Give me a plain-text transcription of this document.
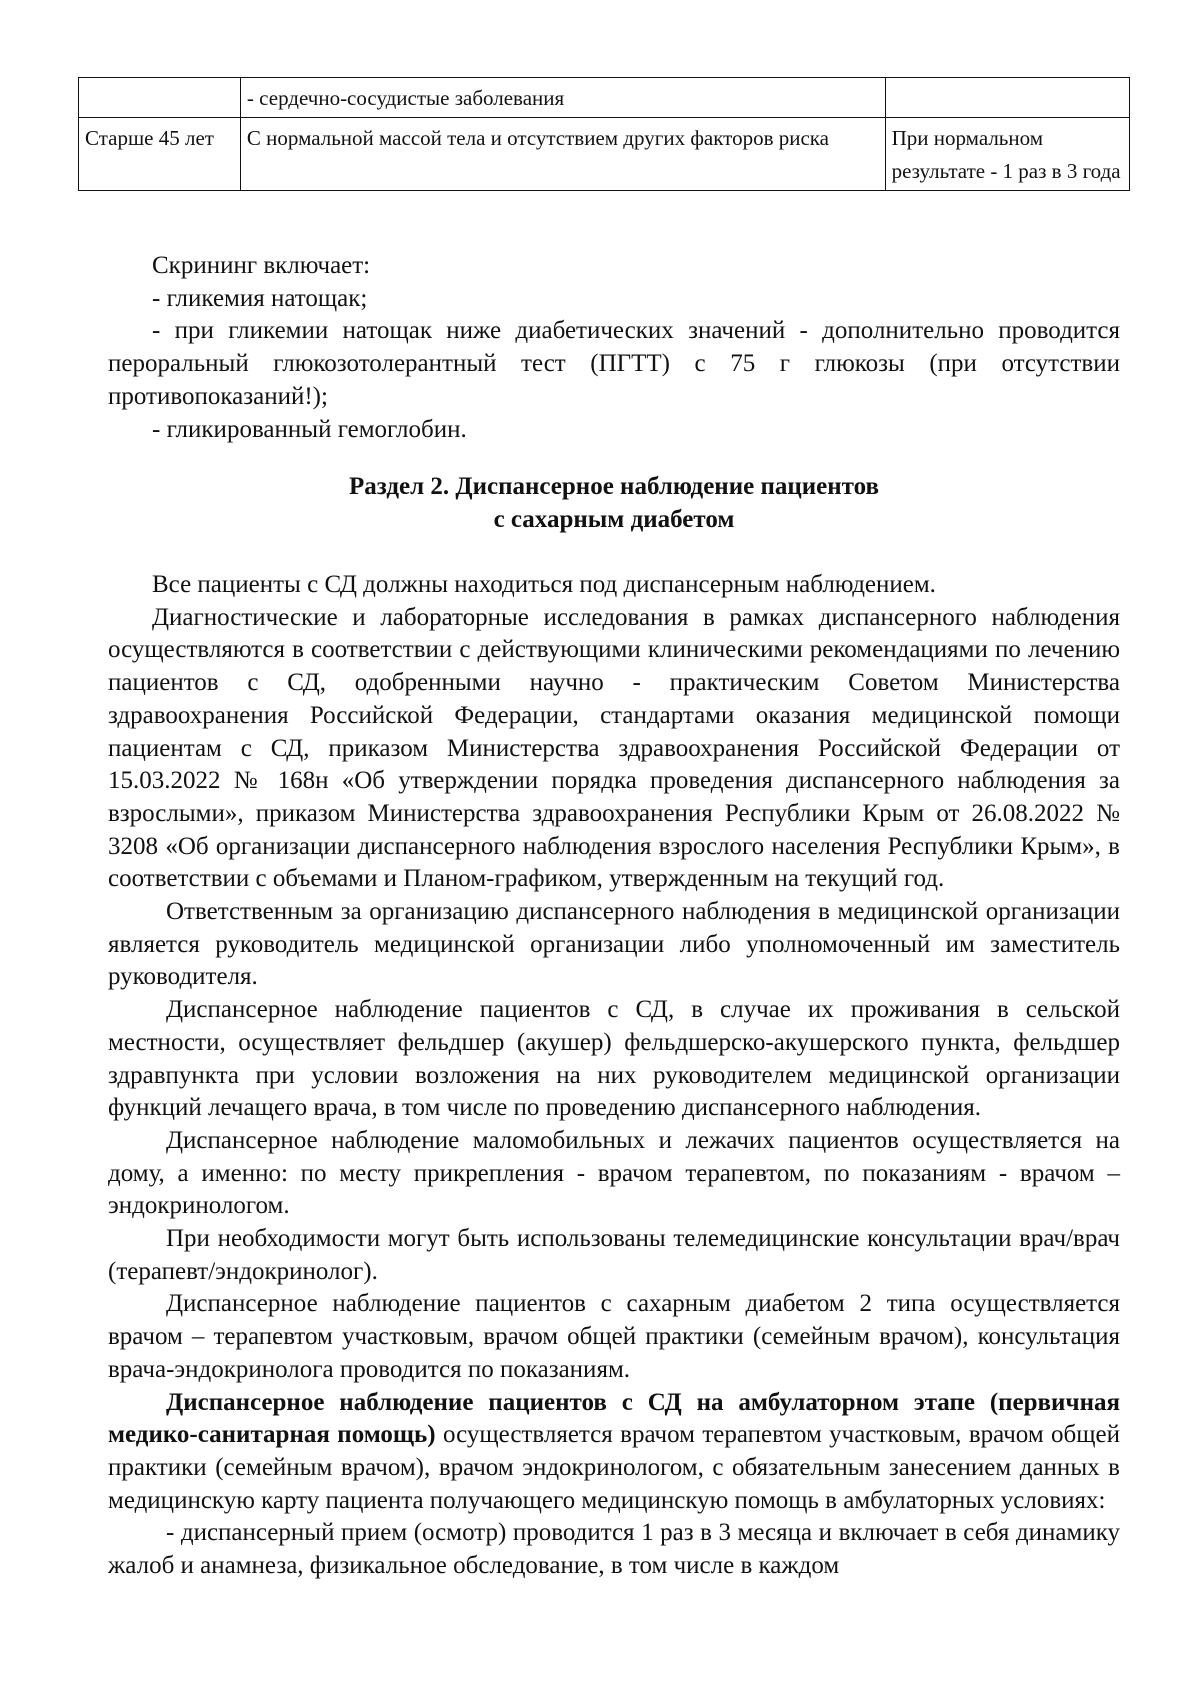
	- сердечно-сосудистые заболевания	
Старше 45 лет	С нормальной массой тела и отсутствием других факторов риска	При нормальном результате - 1 раз в 3 года

Скрининг включает:

- гликемия натощак;

- при гликемии натощак ниже диабетических значений - дополнительно проводится пероральный глюкозотолерантный тест (ПГТТ) с 75 г глюкозы (при отсутствии противопоказаний!);

- гликированный гемоглобин.

Раздел 2. Диспансерное наблюдение пациентов

с сахарным диабетом

Все пациенты с СД должны находиться под диспансерным наблюдением.

Диагностические и лабораторные исследования в рамках диспансерного наблюдения осуществляются в соответствии с действующими клиническими рекомендациями по лечению пациентов с СД, одобренными научно - практическим Советом Министерства здравоохранения Российской Федерации, стандартами оказания медицинской помощи пациентам с СД, приказом Министерства здравоохранения Российской Федерации от 15.03.2022 № 168н «Об утверждении порядка проведения диспансерного наблюдения за взрослыми», приказом Министерства здравоохранения Республики Крым от 26.08.2022 № 3208 «Об организации диспансерного наблюдения взрослого населения Республики Крым», в соответствии с объемами и Планом-графиком, утвержденным на текущий год.

Ответственным за организацию диспансерного наблюдения в медицинской организации является руководитель медицинской организации либо уполномоченный им заместитель руководителя.

Диспансерное наблюдение пациентов с СД, в случае их проживания в сельской местности, осуществляет фельдшер (акушер) фельдшерско-акушерского пункта, фельдшер здравпункта при условии возложения на них руководителем медицинской организации функций лечащего врача, в том числе по проведению диспансерного наблюдения.

Диспансерное наблюдение маломобильных и лежачих пациентов осуществляется на дому, а именно: по месту прикрепления - врачом терапевтом, по показаниям - врачом – эндокринологом.

При необходимости могут быть использованы телемедицинские консультации врач/врач (терапевт/эндокринолог).

Диспансерное наблюдение пациентов с сахарным диабетом 2 типа осуществляется врачом – терапевтом участковым, врачом общей практики (семейным врачом), консультация врача-эндокринолога проводится по показаниям.

Диспансерное наблюдение пациентов с СД на амбулаторном этапе (первичная медико-санитарная помощь) осуществляется врачом терапевтом участковым, врачом общей практики (семейным врачом), врачом эндокринологом, с обязательным занесением данных в медицинскую карту пациента получающего медицинскую помощь в амбулаторных условиях:

- диспансерный прием (осмотр) проводится 1 раз в 3 месяца и включает в себя динамику жалоб и анамнеза, физикальное обследование, в том числе в каждом
